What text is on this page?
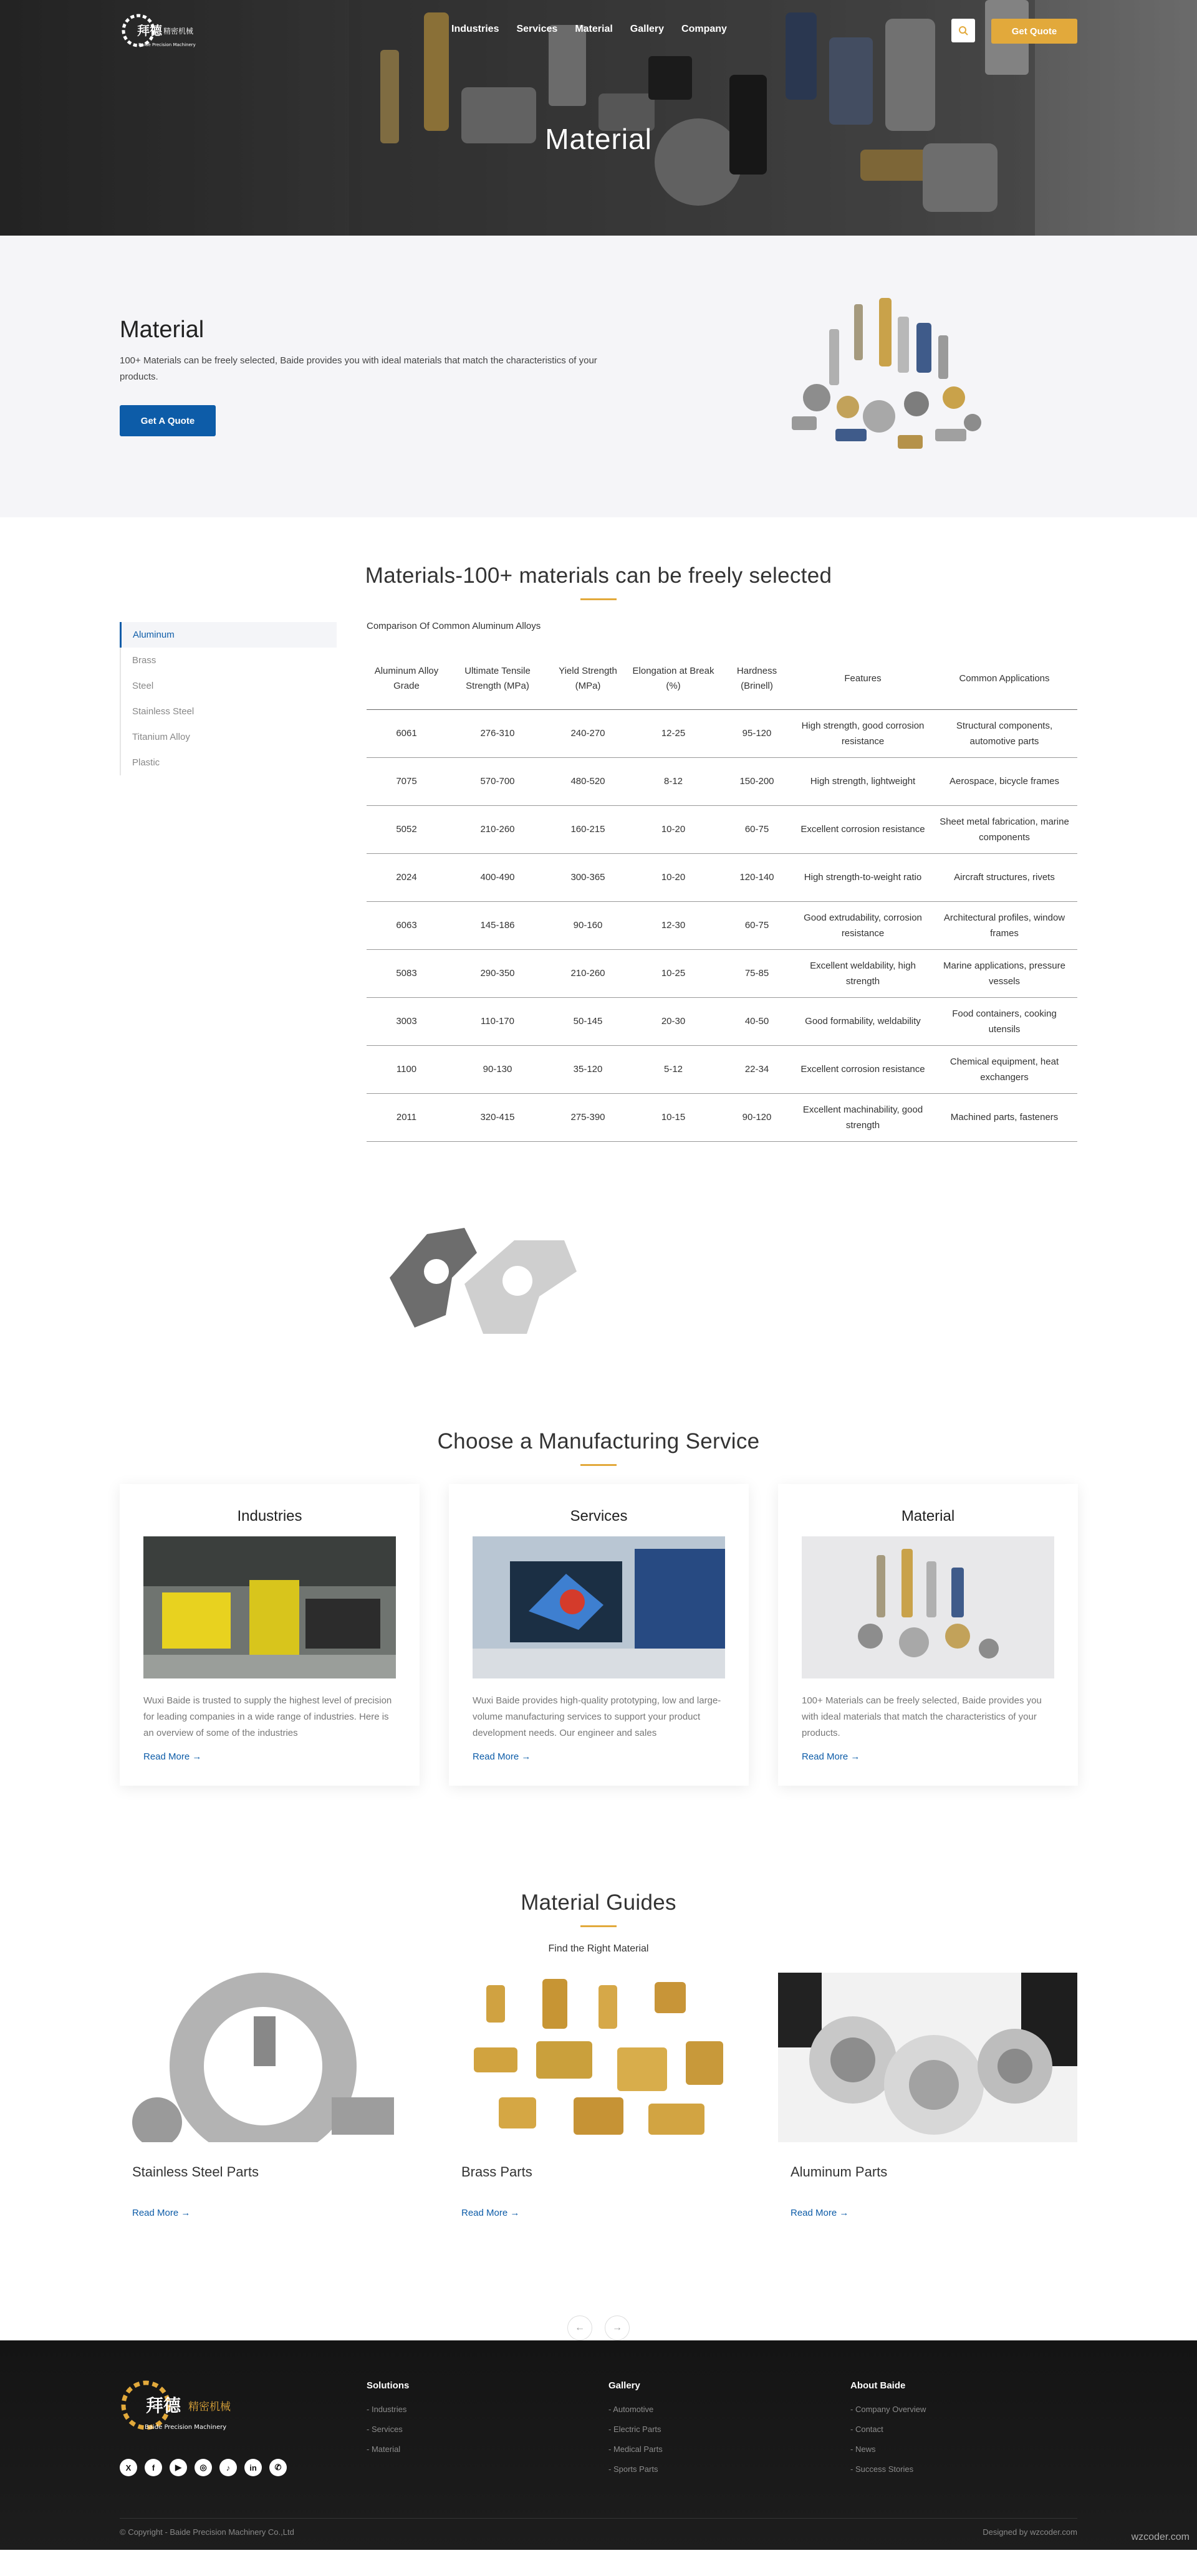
拜德 精密机械
Baide Precision Machinery
Industries Services Material Gallery Company	Get Quote
Material
Material

100+ Materials can be freely selected, Baide provides you with ideal materials that match the characteristics of your products.

Get A Quote
Materials-100+ materials can be freely selected
Aluminum
Brass
Steel
Stainless Steel
Titanium Alloy
Plastic
Comparison Of Common Aluminum Alloys
Aluminum Alloy Grade	Ultimate Tensile Strength (MPa)	Yield Strength (MPa)	Elongation at Break (%)	Hardness (Brinell)	Features	Common Applications
6061	276-310	240-270	12-25	95-120	High strength, good corrosion resistance	Structural components, automotive parts
7075	570-700	480-520	8-12	150-200	High strength, lightweight	Aerospace, bicycle frames
5052	210-260	160-215	10-20	60-75	Excellent corrosion resistance	Sheet metal fabrication, marine components
2024	400-490	300-365	10-20	120-140	High strength-to-weight ratio	Aircraft structures, rivets
6063	145-186	90-160	12-30	60-75	Good extrudability, corrosion resistance	Architectural profiles, window frames
5083	290-350	210-260	10-25	75-85	Excellent weldability, high strength	Marine applications, pressure vessels
3003	110-170	50-145	20-30	40-50	Good formability, weldability	Food containers, cooking utensils
1100	90-130	35-120	5-12	22-34	Excellent corrosion resistance	Chemical equipment, heat exchangers
2011	320-415	275-390	10-15	90-120	Excellent machinability, good strength	Machined parts, fasteners
Choose a Manufacturing Service
Industries

Wuxi Baide is trusted to supply the highest level of precision for leading companies in a wide range of industries. Here is an overview of some of the industries

Read More →
Services

Wuxi Baide provides high-quality prototyping, low and large-volume manufacturing services to support your product development needs. Our engineer and sales

Read More →
Material

100+ Materials can be freely selected, Baide provides you with ideal materials that match the characteristics of your products.

Read More →
Material Guides
Find the Right Material
Stainless Steel Parts
Read More →
Brass Parts
Read More →
Aluminum Parts
Read More →
←	→
拜德 精密机械
Baide Precision Machinery
X	f	▶	◎	♪	in	✆
Solutions
- Industries
- Services
- Material
Gallery
- Automotive
- Electric Parts
- Medical Parts
- Sports Parts
About Baide
- Company Overview
- Contact
- News
- Success Stories
© Copyright - Baide Precision Machinery Co.,Ltd	Designed by wzcoder.com	wzcoder.com
